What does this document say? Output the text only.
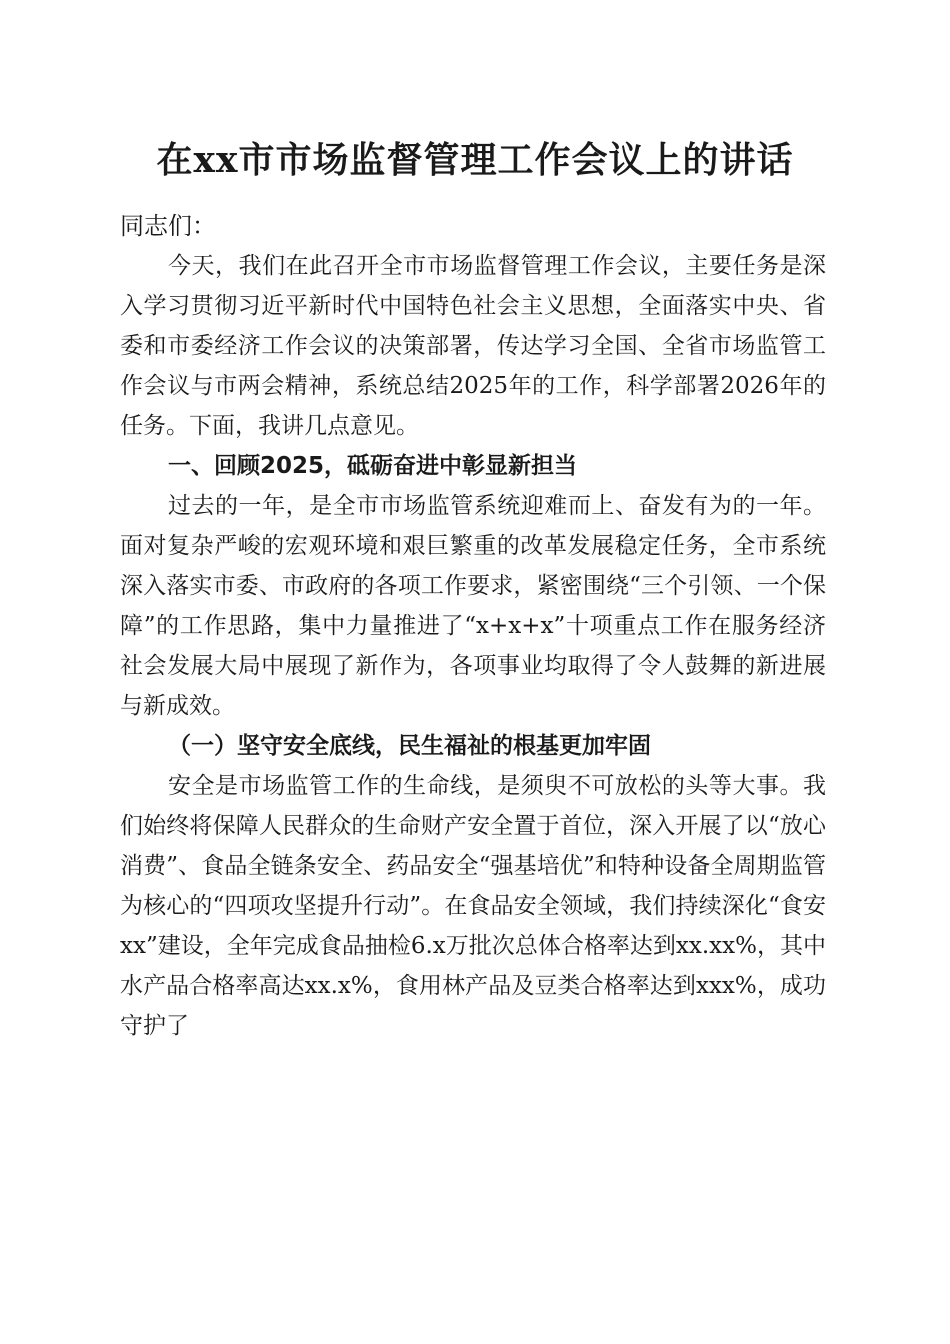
在xx市市场监督管理工作会议上的讲话

同志们：

今天，我们在此召开全市市场监督管理工作会议，主要任务是深入学习贯彻习近平新时代中国特色社会主义思想，全面落实中央、省委和市委经济工作会议的决策部署，传达学习全国、全省市场监管工作会议与市两会精神，系统总结2025年的工作，科学部署2026年的任务。下面，我讲几点意见。

一、回顾2025，砥砺奋进中彰显新担当

过去的一年，是全市市场监管系统迎难而上、奋发有为的一年。面对复杂严峻的宏观环境和艰巨繁重的改革发展稳定任务，全市系统深入落实市委、市政府的各项工作要求，紧密围绕“三个引领、一个保障”的工作思路，集中力量推进了“x+x+x”十项重点工作在服务经济社会发展大局中展现了新作为，各项事业均取得了令人鼓舞的新进展与新成效。

（一）坚守安全底线，民生福祉的根基更加牢固

安全是市场监管工作的生命线，是须臾不可放松的头等大事。我们始终将保障人民群众的生命财产安全置于首位，深入开展了以“放心消费”、食品全链条安全、药品安全“强基培优”和特种设备全周期监管为核心的“四项攻坚提升行动”。在食品安全领域，我们持续深化“食安xx”建设，全年完成食品抽检6.x万批次总体合格率达到xx.xx%，其中水产品合格率高达xx.x%，食用林产品及豆类合格率达到xxx%，成功守护了
